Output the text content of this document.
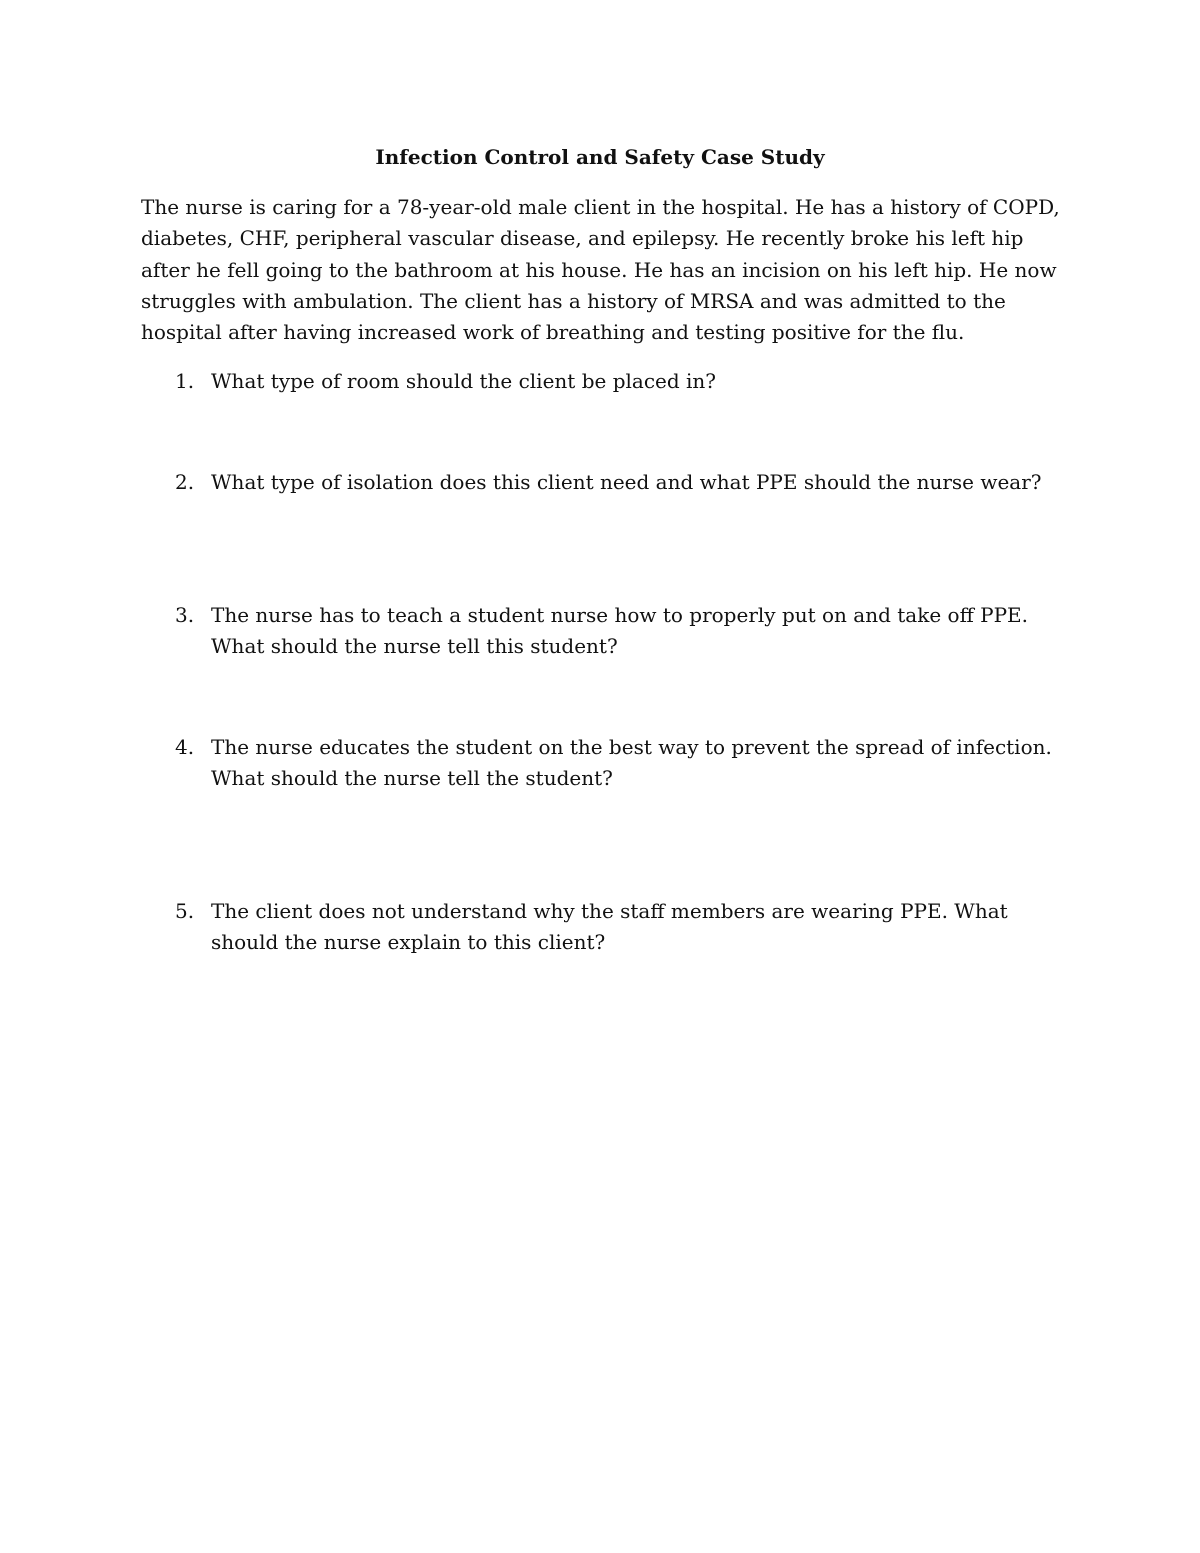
Infection Control and Safety Case Study

The nurse is caring for a 78-year-old male client in the hospital. He has a history of COPD, diabetes, CHF, peripheral vascular disease, and epilepsy. He recently broke his left hip after he fell going to the bathroom at his house. He has an incision on his left hip. He now struggles with ambulation. The client has a history of MRSA and was admitted to the hospital after having increased work of breathing and testing positive for the flu.

1. What type of room should the client be placed in?
2. What type of isolation does this client need and what PPE should the nurse wear?
3. The nurse has to teach a student nurse how to properly put on and take off PPE. What should the nurse tell this student?
4. The nurse educates the student on the best way to prevent the spread of infection. What should the nurse tell the student?
5. The client does not understand why the staff members are wearing PPE. What should the nurse explain to this client?
